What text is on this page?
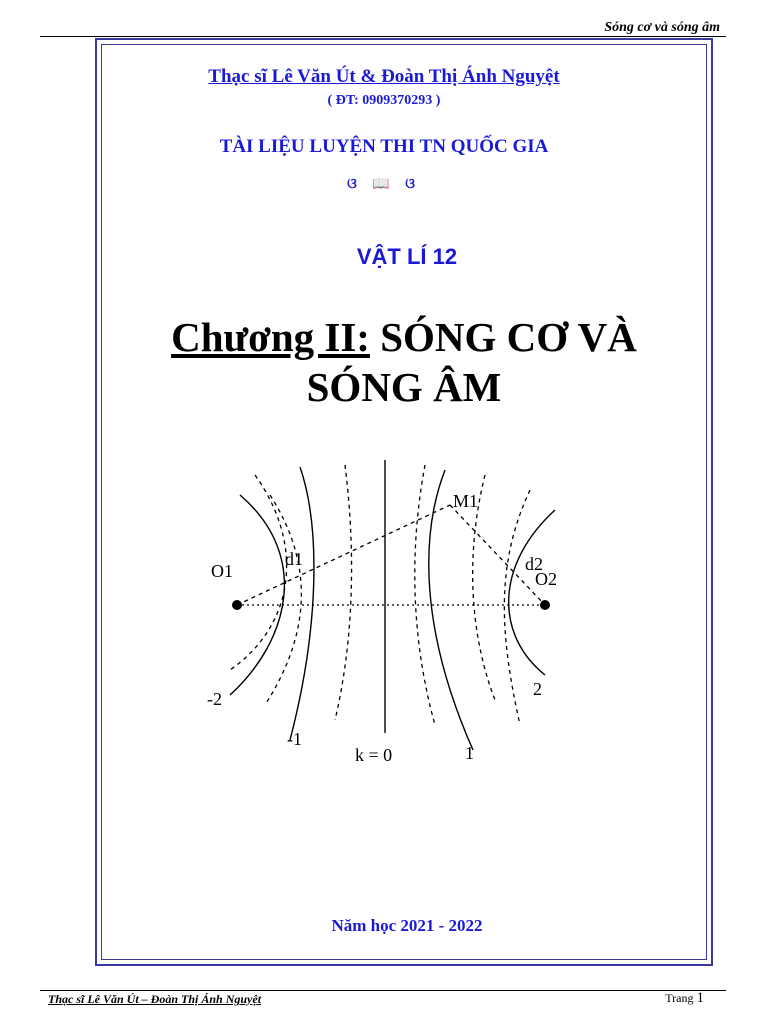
Sóng cơ và sóng âm
Thạc sĩ Lê Văn Út & Đoàn Thị Ánh Nguyệt
( ĐT: 0909370293 )
TÀI LIỆU LUYỆN THI TN QUỐC GIA
ଓ 📖 ଓ
VẬT LÍ 12
Chương II: SÓNG CƠ VÀ SÓNG ÂM
O1	O2
M1
d1	d2
-2
-1
k = 0	1
2
Năm học 2021 - 2022
Thạc sĩ Lê Văn Út – Đoàn Thị Ánh Nguyệt	Trang 1
